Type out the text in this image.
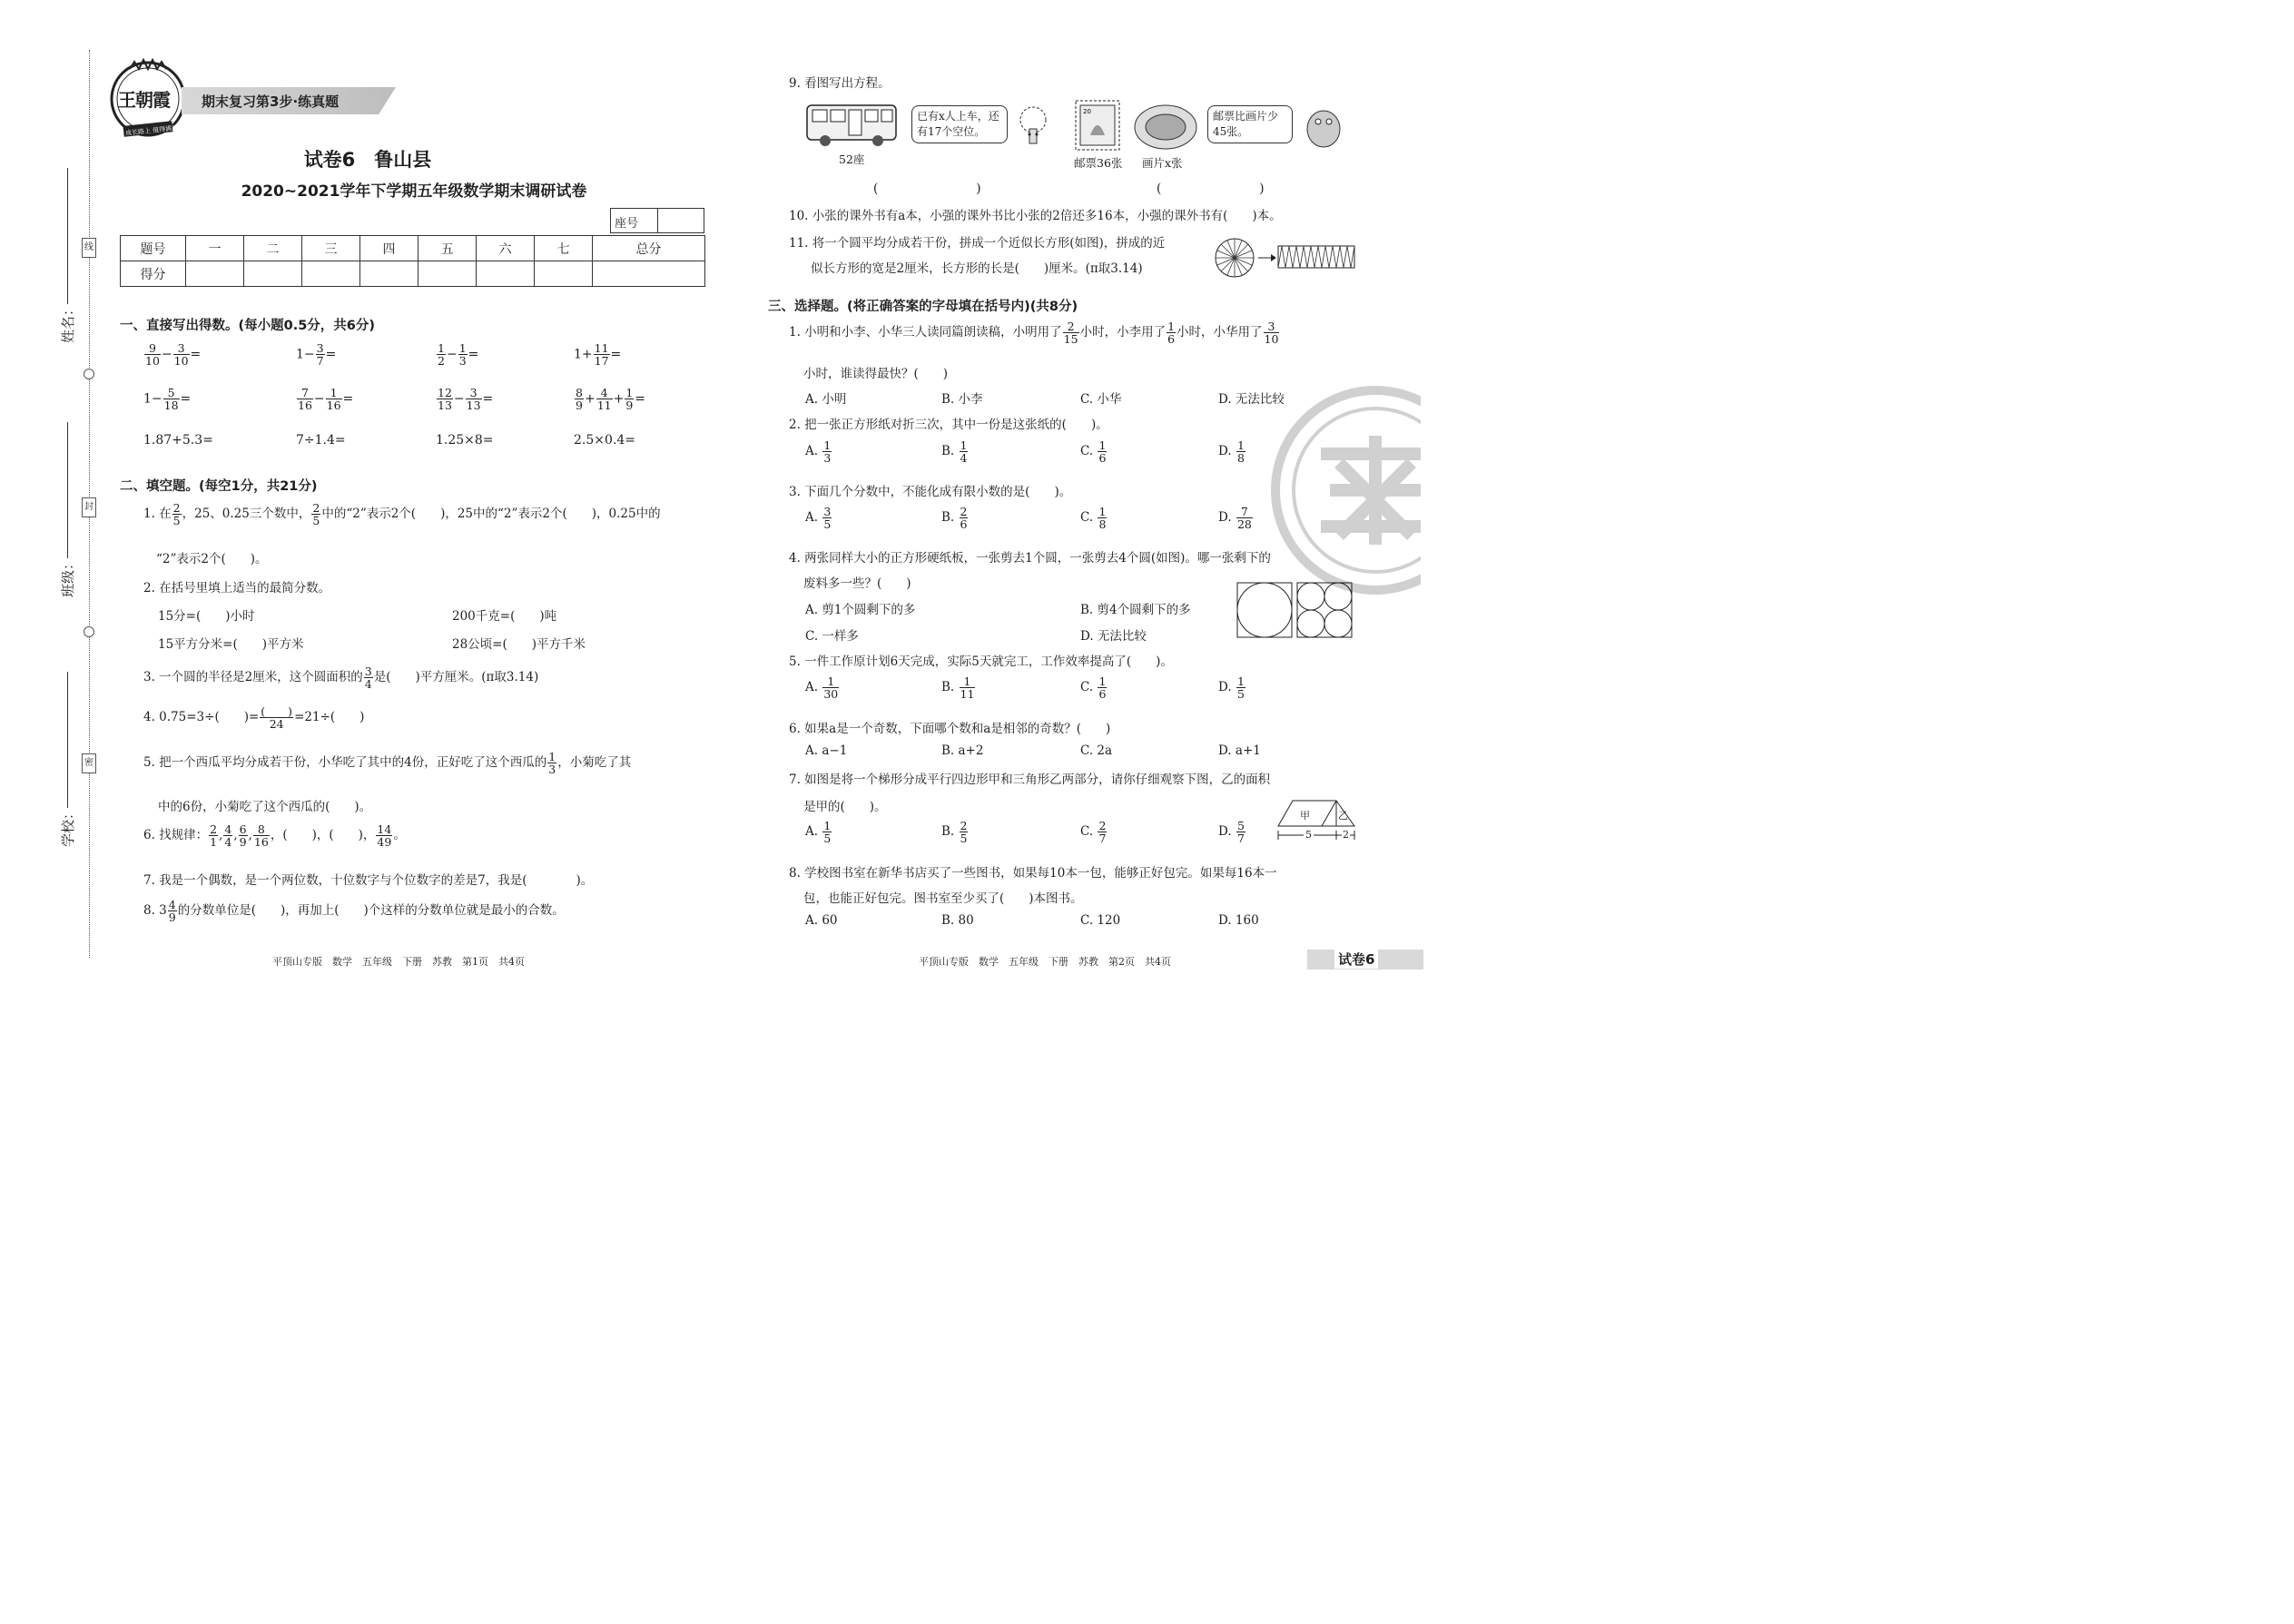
线
封
密
姓名：
班级：
学校：
王朝霞
成长路上 值得满足
期末复习第3步·练真题
试卷6　鲁山县
2020~2021学年下学期五年级数学期末调研试卷
座号
题号	一	二	三	四	五	六	七	总分
得分								
一、直接写出得数。(每小题0.5分，共6分)
$\frac{9}{10} - \frac{3}{10}$ =	$1- \frac{3}{7}$ =	$\frac{1}{2} - \frac{1}{3}$ =	$1+ \frac{11}{17}$ =
$1- \frac{5}{18}$ =	$\frac{7}{16} - \frac{1}{16}$ =	$\frac{12}{13} - \frac{3}{13}$ =	$\frac{8}{9} + \frac{4}{11} + \frac{1}{9}$ =
1.87+5.3=	7÷1.4=	1.25×8=	2.5×0.4=
二、填空题。(每空1分，共21分)
1. 在 $\frac{2}{5}$ ，25、0.25三个数中， $\frac{2}{5}$ 中的“2”表示2个(　　)，25中的“2”表示2个(　　)，0.25中的
“2”表示2个(　　)。
2. 在括号里填上适当的最简分数。
15分=(　　)小时	200千克=(　　)吨
15平方分米=(　　)平方米	28公顷=(　　)平方千米
3. 一个圆的半径是2厘米，这个圆面积的 $\frac{3}{4}$ 是(　　)平方厘米。(π取3.14)
4. 0.75=3÷(　　)= $\frac{( )}{24} =21\div$(　　)
5. 把一个西瓜平均分成若干份，小华吃了其中的4份，正好吃了这个西瓜的 $\frac{1}{3}$ ，小菊吃了其
中的6份，小菊吃了这个西瓜的(　　)。
6. 找规律： $\frac{2}{1}$ , $\frac{4}{4}$ , $\frac{6}{9}$ , $\frac{8}{16}$ ，(　　)，(　　)， $\frac{14}{49}$ 。
7. 我是一个偶数，是一个两位数，十位数字与个位数字的差是7，我是(　　　　)。
8. $3 \frac{4}{9}$ 的分数单位是(　　)，再加上(　　)个这样的分数单位就是最小的合数。
平顶山专版　数学　五年级　下册　苏教　第1页　共4页
9. 看图写出方程。
52座
已有x人上车，还有17个空位。
20
邮票36张 画片x张
邮票比画片少45张。
(　　　　　　　　)	(　　　　　　　　)
10. 小张的课外书有a本，小强的课外书比小张的2倍还多16本，小强的课外书有(　　)本。
11. 将一个圆平均分成若干份，拼成一个近似长方形(如图)，拼成的近
似长方形的宽是2厘米，长方形的长是(　　)厘米。(π取3.14)
三、选择题。(将正确答案的字母填在括号内)(共8分)
1. 小明和小李、小华三人读同篇朗读稿，小明用了 $\frac{2}{15}$ 小时，小李用了 $\frac{1}{6}$ 小时，小华用了 $\frac{3}{10}$
小时，谁读得最快？(　　)
A. 小明	B. 小李	C. 小华	D. 无法比较
2. 把一张正方形纸对折三次，其中一份是这张纸的(　　)。
A. $\frac{1}{3}$	B. $\frac{1}{4}$	C. $\frac{1}{6}$	D. $\frac{1}{8}$
3. 下面几个分数中，不能化成有限小数的是(　　)。
A. $\frac{3}{5}$	B. $\frac{2}{6}$	C. $\frac{1}{8}$	D. $\frac{7}{28}$
4. 两张同样大小的正方形硬纸板，一张剪去1个圆，一张剪去4个圆(如图)。哪一张剩下的
废料多一些？(　　)
A. 剪1个圆剩下的多	B. 剪4个圆剩下的多
C. 一样多	D. 无法比较
5. 一件工作原计划6天完成，实际5天就完工，工作效率提高了(　　)。
A. $\frac{1}{30}$	B. $\frac{1}{11}$	C. $\frac{1}{6}$	D. $\frac{1}{5}$
6. 如果a是一个奇数，下面哪个数和a是相邻的奇数？(　　)
A. a−1	B. a+2	C. 2a	D. a+1
7. 如图是将一个梯形分成平行四边形甲和三角形乙两部分，请你仔细观察下图，乙的面积
是甲的(　　)。
A. $\frac{1}{5}$	B. $\frac{2}{5}$	C. $\frac{2}{7}$	D. $\frac{5}{7}$
甲	乙
5	2
8. 学校图书室在新华书店买了一些图书，如果每10本一包，能够正好包完。如果每16本一
包，也能正好包完。图书室至少买了(　　)本图书。
A. 60	B. 80	C. 120	D. 160
平顶山专版　数学　五年级　下册　苏教　第2页　共4页	试卷6
